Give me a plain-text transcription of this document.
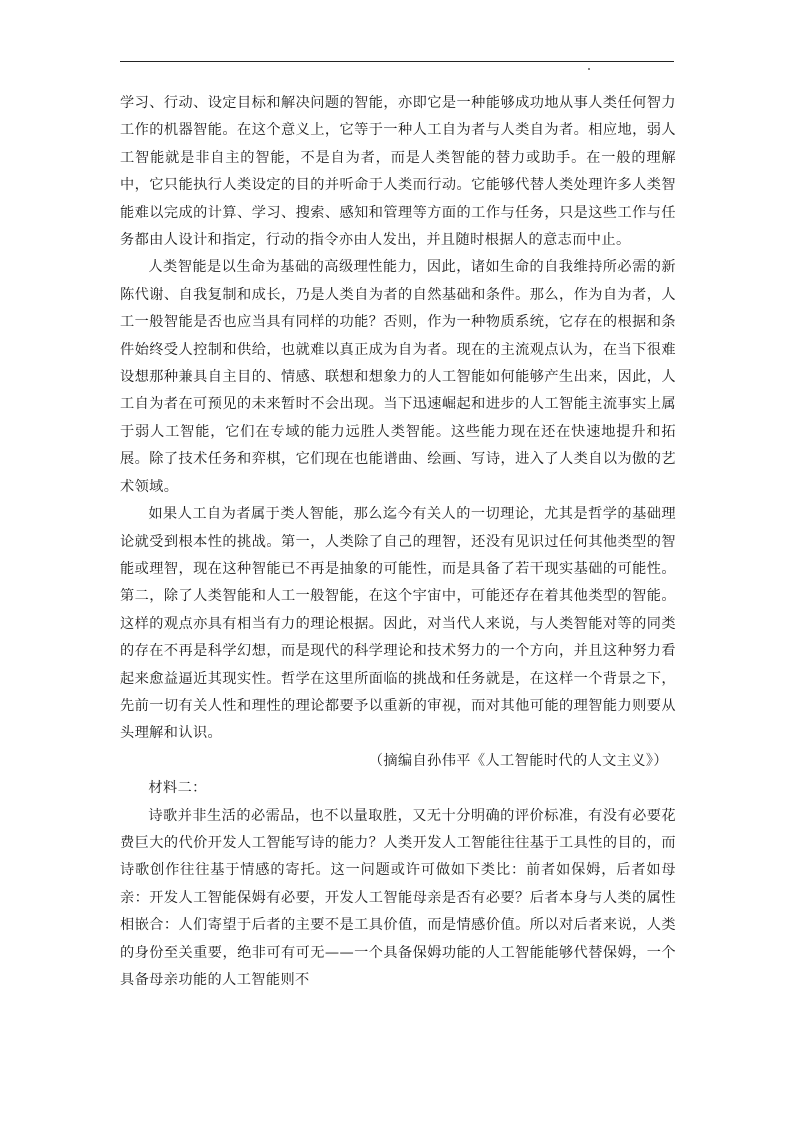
学习、行动、设定目标和解决问题的智能，亦即它是一种能够成功地从事人类任何智力工作的机器智能。在这个意义上，它等于一种人工自为者与人类自为者。相应地，弱人工智能就是非自主的智能，不是自为者，而是人类智能的替力或助手。在一般的理解中，它只能执行人类设定的目的并听命于人类而行动。它能够代替人类处理许多人类智能难以完成的计算、学习、搜索、感知和管理等方面的工作与任务，只是这些工作与任务都由人设计和指定，行动的指令亦由人发出，并且随时根据人的意志而中止。

人类智能是以生命为基础的高级理性能力，因此，诸如生命的自我维持所必需的新陈代谢、自我复制和成长，乃是人类自为者的自然基础和条件。那么，作为自为者，人工一般智能是否也应当具有同样的功能？否则，作为一种物质系统，它存在的根据和条件始终受人控制和供给，也就难以真正成为自为者。现在的主流观点认为，在当下很难设想那种兼具自主目的、情感、联想和想象力的人工智能如何能够产生出来，因此，人工自为者在可预见的未来暂时不会出现。当下迅速崛起和进步的人工智能主流事实上属于弱人工智能，它们在专域的能力远胜人类智能。这些能力现在还在快速地提升和拓展。除了技术任务和弈棋，它们现在也能谱曲、绘画、写诗，进入了人类自以为傲的艺术领域。

如果人工自为者属于类人智能，那么迄今有关人的一切理论，尤其是哲学的基础理论就受到根本性的挑战。第一，人类除了自己的理智，还没有见识过任何其他类型的智能或理智，现在这种智能已不再是抽象的可能性，而是具备了若干现实基础的可能性。第二，除了人类智能和人工一般智能，在这个宇宙中，可能还存在着其他类型的智能。这样的观点亦具有相当有力的理论根据。因此，对当代人来说，与人类智能对等的同类的存在不再是科学幻想，而是现代的科学理论和技术努力的一个方向，并且这种努力看起来愈益逼近其现实性。哲学在这里所面临的挑战和任务就是，在这样一个背景之下，先前一切有关人性和理性的理论都要予以重新的审视，而对其他可能的理智能力则要从头理解和认识。

（摘编自孙伟平《人工智能时代的人文主义》）

材料二：

诗歌并非生活的必需品，也不以量取胜，又无十分明确的评价标准，有没有必要花费巨大的代价开发人工智能写诗的能力？人类开发人工智能往往基于工具性的目的，而诗歌创作往往基于情感的寄托。这一问题或许可做如下类比：前者如保姆，后者如母亲：开发人工智能保姆有必要，开发人工智能母亲是否有必要？后者本身与人类的属性相嵌合：人们寄望于后者的主要不是工具价值，而是情感价值。所以对后者来说，人类的身份至关重要，绝非可有可无——一个具备保姆功能的人工智能能够代替保姆，一个具备母亲功能的人工智能则不
